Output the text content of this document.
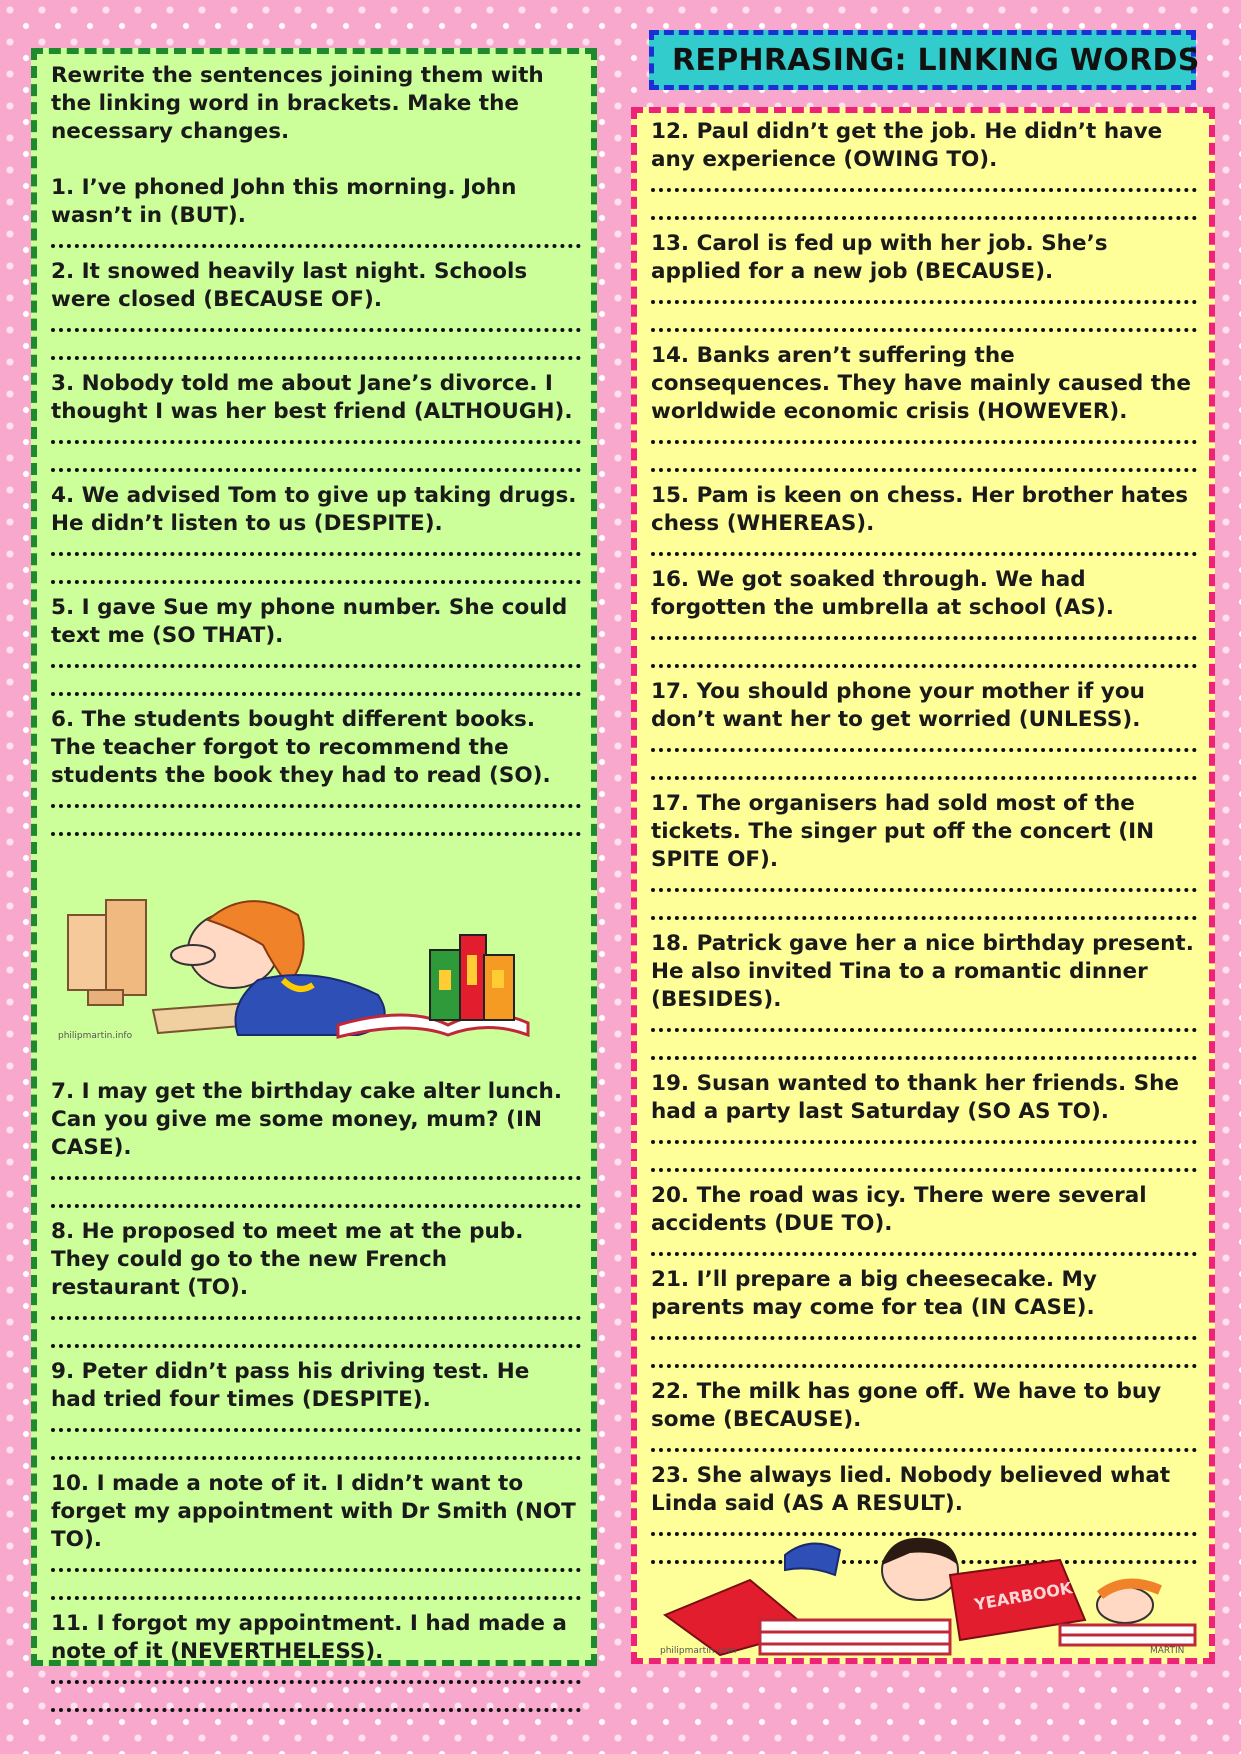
REPHRASING: LINKING WORDS

Rewrite the sentences joining them with the linking word in brackets. Make the necessary changes.

1. I’ve phoned John this morning. John wasn’t in (BUT).

2. It snowed heavily last night. Schools were closed (BECAUSE OF).

3. Nobody told me about Jane’s divorce. I thought I was her best friend (ALTHOUGH).

4. We advised Tom to give up taking drugs. He didn’t listen to us (DESPITE).

5. I gave Sue my phone number. She could text me (SO THAT).

6. The students bought different books. The teacher forgot to recommend the students the book they had to read (SO).

philipmartin.info

7. I may get the birthday cake alter lunch. Can you give me some money, mum? (IN CASE).

8. He proposed to meet me at the pub. They could go to the new French restaurant (TO).

9. Peter didn’t pass his driving test. He had tried four times (DESPITE).

10. I made a note of it. I didn’t want to forget my appointment with Dr Smith (NOT TO).

11. I forgot my appointment. I had made a note of it (NEVERTHELESS).

12. Paul didn’t get the job. He didn’t have any experience (OWING TO).

13. Carol is fed up with her job. She’s applied for a new job (BECAUSE).

14. Banks aren’t suffering the consequences. They have mainly caused the worldwide economic crisis (HOWEVER).

15. Pam is keen on chess. Her brother hates chess (WHEREAS).

16. We got soaked through. We had forgotten the umbrella at school (AS).

17. You should phone your mother if you don’t want her to get worried (UNLESS).

17. The organisers had sold most of the tickets. The singer put off the concert (IN SPITE OF).

18. Patrick gave her a nice birthday present. He also invited Tina to a romantic dinner (BESIDES).

19. Susan wanted to thank her friends. She had a party last Saturday (SO AS TO).

20. The road was icy. There were several accidents (DUE TO).

21. I’ll prepare a big cheesecake. My parents may come for tea (IN CASE).

22. The milk has gone off. We have to buy some (BECAUSE).

23. She always lied. Nobody believed what Linda said (AS A RESULT).

YEARBOOK
philipmartin.com	MARTIN
